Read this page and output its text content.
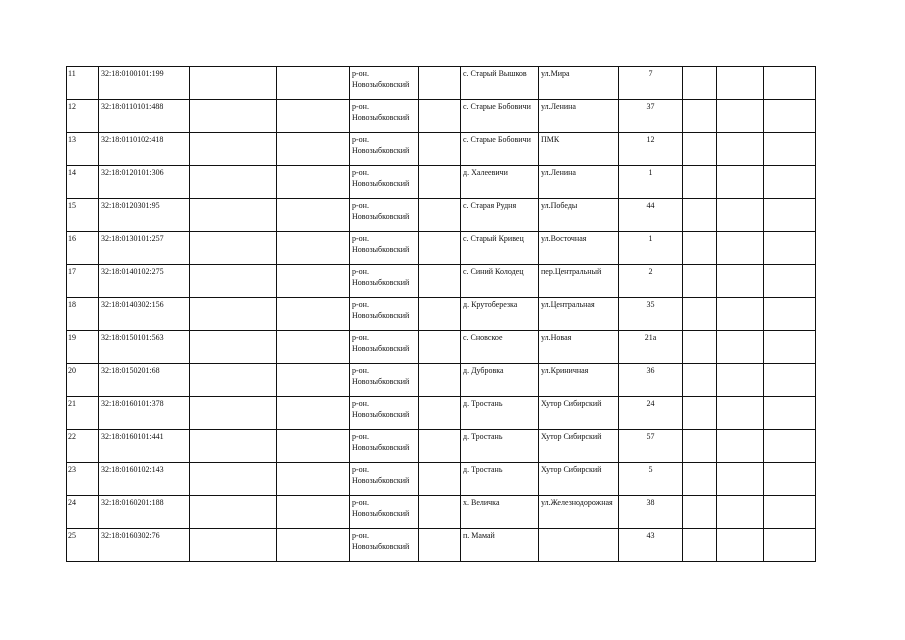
11	32:18:0100101:199			р-он. Новозыбковский		с. Старый Вышков	ул.Мира	7			
12	32:18:0110101:488			р-он. Новозыбковский		с. Старые Бобовичи	ул.Ленина	37			
13	32:18:0110102:418			р-он. Новозыбковский		с. Старые Бобовичи	ПМК	12			
14	32:18:0120101:306			р-он. Новозыбковский		д. Халеевичи	ул.Ленина	1			
15	32:18:0120301:95			р-он. Новозыбковский		с. Старая Рудня	ул.Победы	44			
16	32:18:0130101:257			р-он. Новозыбковский		с. Старый Кривец	ул.Восточная	1			
17	32:18:0140102:275			р-он. Новозыбковский		с. Синий Колодец	пер.Центральный	2			
18	32:18:0140302:156			р-он. Новозыбковский		д. Крутоберезка	ул.Центральная	35			
19	32:18:0150101:563			р-он. Новозыбковский		с. Сновское	ул.Новая	21а			
20	32:18:0150201:68			р-он. Новозыбковский		д. Дубровка	ул.Криничная	36			
21	32:18:0160101:378			р-он. Новозыбковский		д. Тростань	Хутор Сибирский	24			
22	32:18:0160101:441			р-он. Новозыбковский		д. Тростань	Хутор Сибирский	57			
23	32:18:0160102:143			р-он. Новозыбковский		д. Тростань	Хутор Сибирский	5			
24	32:18:0160201:188			р-он. Новозыбковский		х. Величка	ул.Железнодорожная	38			
25	32:18:0160302:76			р-он. Новозыбковский		п. Мамай		43			
